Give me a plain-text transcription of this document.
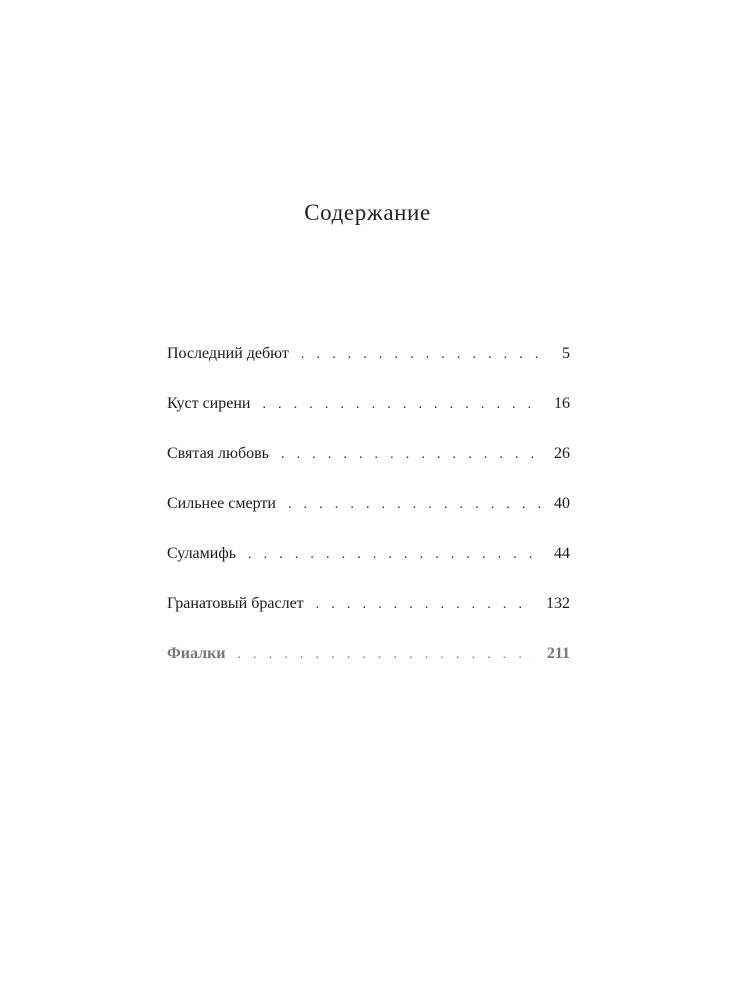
Содержание
Последний дебют . . .	5
Куст сирени . . .	16
Святая любовь . . .	26
Сильнее смерти . . .	40
Суламифь . . .	44
Гранатовый браслет . . .	132
Фиалки . . .	211
